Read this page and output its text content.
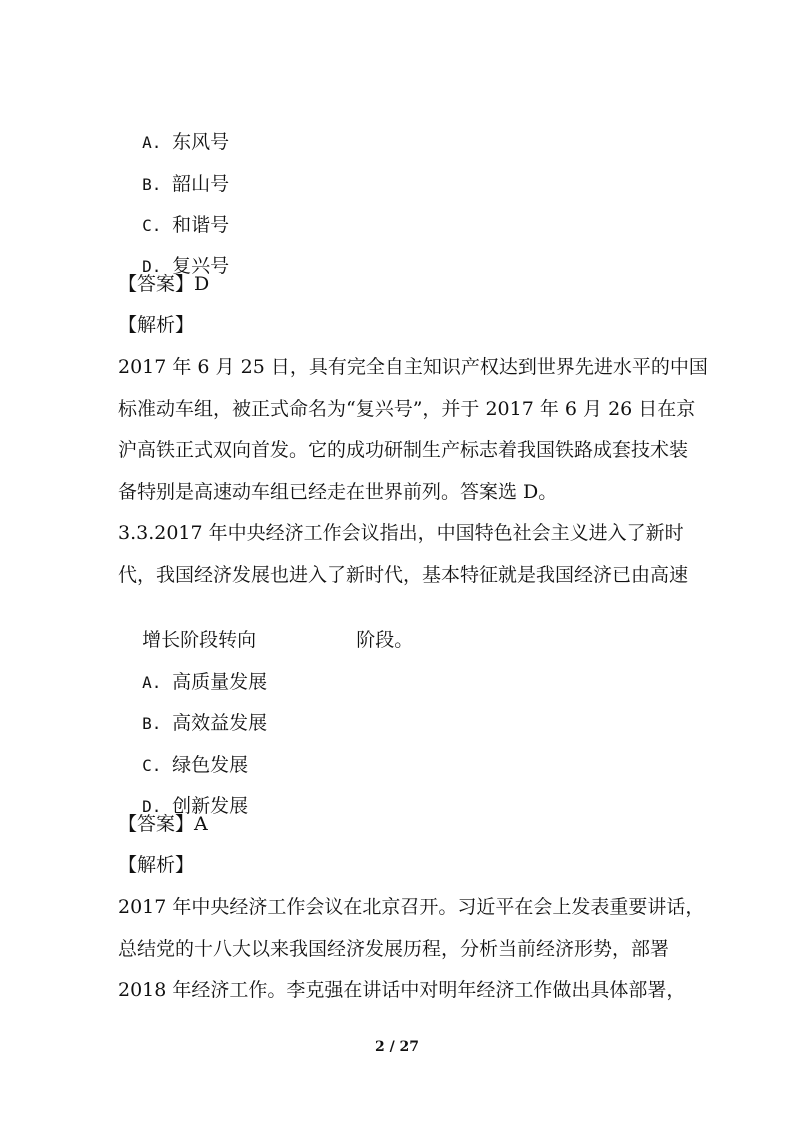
A. 东风号

B. 韶山号

C. 和谐号

D. 复兴号

【答案】D
【解析】
2017 年 6 月 25 日，具有完全自主知识产权达到世界先进水平的中国
标准动车组，被正式命名为“复兴号”，并于 2017 年 6 月 26 日在京
沪高铁正式双向首发。它的成功研制生产标志着我国铁路成套技术装
备特别是高速动车组已经走在世界前列。答案选 D。
3.3.2017 年中央经济工作会议指出，中国特色社会主义进入了新时
代，我国经济发展也进入了新时代，基本特征就是我国经济已由高速

增长阶段转向	阶段。

A. 高质量发展

B. 高效益发展

C. 绿色发展

D. 创新发展

【答案】A
【解析】
2017 年中央经济工作会议在北京召开。习近平在会上发表重要讲话，
总结党的十八大以来我国经济发展历程，分析当前经济形势，部署
2018 年经济工作。李克强在讲话中对明年经济工作做出具体部署，
2 / 27
